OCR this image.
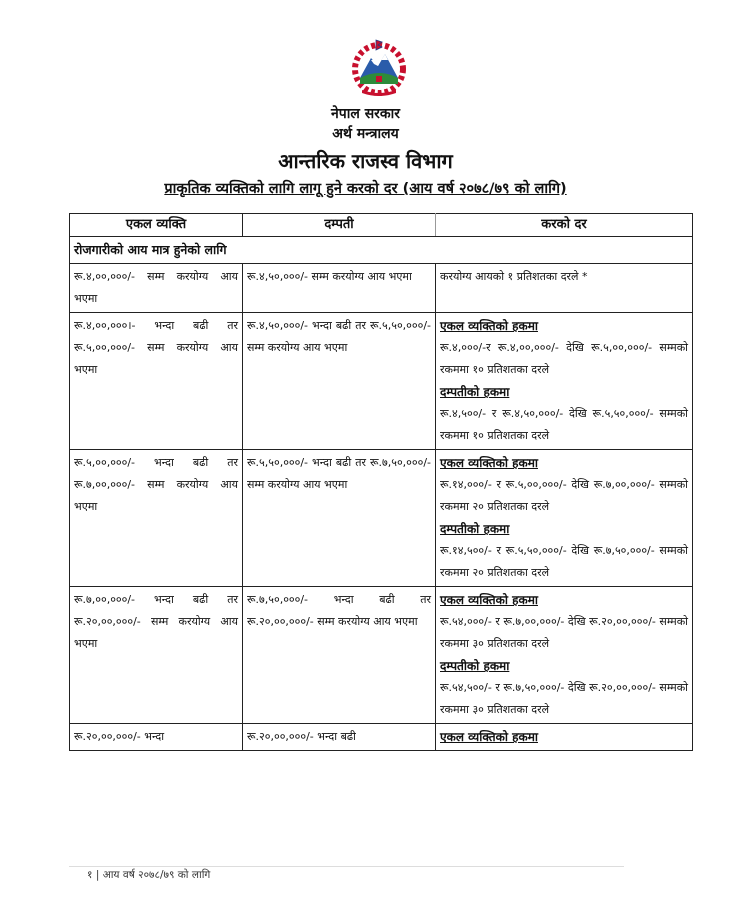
नेपाल सरकार
अर्थ मन्त्रालय
आन्तरिक राजस्व विभाग
प्राकृतिक व्यक्तिको लागि लागू हुने करको दर (आय वर्ष २०७८/७९ को लागि)
एकल व्यक्ति	दम्पती	करको दर
रोजगारीको आय मात्र हुनेको लागि		
रू.४,००,०००/- सम्म करयोग्य आय भएमा	रू.४,५०,०००/- सम्म करयोग्य आय भएमा	करयोग्य आयको १ प्रतिशतका दरले *
रू.४,००,०००।- भन्दा बढी तर रू.५,००,०००/- सम्म करयोग्य आय भएमा	रू.४,५०,०००/- भन्दा बढी तर रू.५,५०,०००/- सम्म करयोग्य आय भएमा	एकल व्यक्तिको हकमा
रू.४,०००/-र रू.४,००,०००/- देखि रू.५,००,०००/- सम्मको रकममा १० प्रतिशतका दरले
दम्पतीको हकमा
रू.४,५००/- र रू.४,५०,०००/- देखि रू.५,५०,०००/- सम्मको रकममा १० प्रतिशतका दरले

रू.५,००,०००/- भन्दा बढी तर रू.७,००,०००/- सम्म करयोग्य आय भएमा	रू.५,५०,०००/- भन्दा बढी तर रू.७,५०,०००/- सम्म करयोग्य आय भएमा	एकल व्यक्तिको हकमा
रू.१४,०००/- र रू.५,००,०००/- देखि रू.७,००,०००/- सम्मको रकममा २० प्रतिशतका दरले
दम्पतीको हकमा
रू.१४,५००/- र रू.५,५०,०००/- देखि रू.७,५०,०००/- सम्मको रकममा २० प्रतिशतका दरले

रू.७,००,०००/- भन्दा बढी तर रू.२०,००,०००/- सम्म करयोग्य आय भएमा	रू.७,५०,०००/- भन्दा बढी तर रू.२०,००,०००/- सम्म करयोग्य आय भएमा	एकल व्यक्तिको हकमा
रू.५४,०००/- र रू.७,००,०००/- देखि रू.२०,००,०००/- सम्मको रकममा ३० प्रतिशतका दरले
दम्पतीको हकमा
रू.५४,५००/- र रू.७,५०,०००/- देखि रू.२०,००,०००/- सम्मको रकममा ३० प्रतिशतका दरले

रू.२०,००,०००/- भन्दा	रू.२०,००,०००/- भन्दा बढी	एकल व्यक्तिको हकमा
१ | आय वर्ष २०७८/७९ को लागि
